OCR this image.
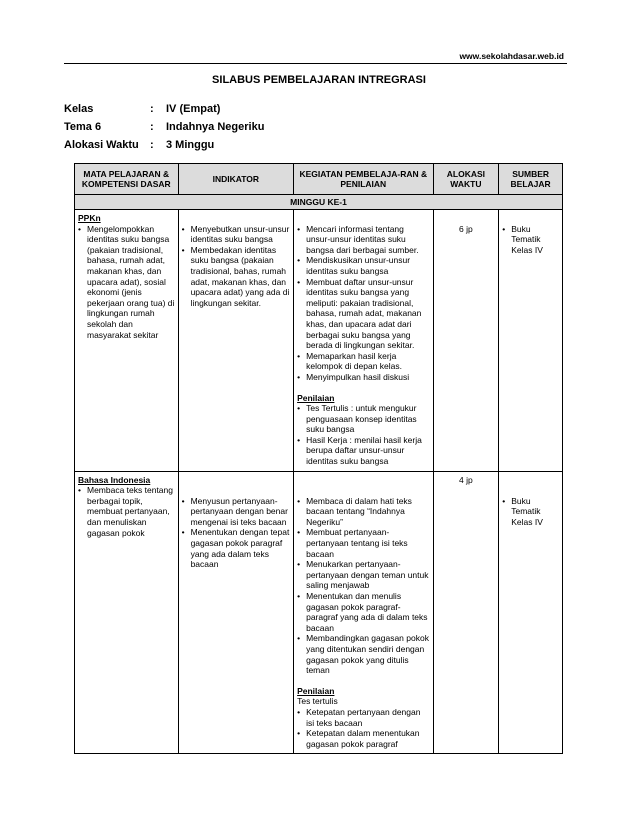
www.sekolahdasar.web.id
SILABUS PEMBELAJARAN INTREGRASI
Kelas	:	IV (Empat)
Tema 6	:	Indahnya Negeriku
Alokasi Waktu	:	3 Minggu
MATA PELAJARAN & KOMPETENSI DASAR	INDIKATOR	KEGIATAN PEMBELAJA-RAN & PENILAIAN
ALOKASI WAKTU
SUMBER BELAJAR
MINGGU KE-1
PPKn
• Mengelompokkan identitas suku bangsa (pakaian tradisional, bahasa, rumah adat, makanan khas, dan upacara adat), sosial ekonomi (jenis pekerjaan orang tua) di lingkungan rumah sekolah dan masyarakat sekitar
• Menyebutkan unsur-unsur identitas suku bangsa
• Membedakan identitas suku bangsa (pakaian tradisional, bahas, rumah adat, makanan khas, dan upacara adat) yang ada di lingkungan sekitar.
• Mencari informasi tentang unsur-unsur identitas suku bangsa dari berbagai sumber.
• Mendiskusikan unsur-unsur identitas suku bangsa
• Membuat daftar unsur-unsur identitas suku bangsa yang meliputi: pakaian tradisional, bahasa, rumah adat, makanan khas, dan upacara adat dari berbagai suku bangsa yang berada di lingkungan sekitar.
• Memaparkan hasil kerja kelompok di depan kelas.
• Menyimpulkan hasil diskusi
Penilaian
• Tes Tertulis : untuk mengukur penguasaan konsep identitas suku bangsa
• Hasil Kerja : menilai hasil kerja berupa daftar unsur-unsur identitas suku bangsa
6 jp
•	Buku Tematik Kelas IV
Bahasa Indonesia
• Membaca teks tentang berbagai topik, membuat pertanyaan, dan menuliskan gagasan pokok
• Menyusun pertanyaan-pertanyaan dengan benar mengenai isi teks bacaan
• Menentukan dengan tepat gagasan pokok paragraf yang ada dalam teks bacaan
• Membaca di dalam hati teks bacaan tentang “Indahnya Negeriku”
• Membuat pertanyaan-pertanyaan tentang isi teks bacaan
• Menukarkan pertanyaan-pertanyaan dengan teman untuk saling menjawab
• Menentukan dan menulis gagasan pokok paragraf-paragraf yang ada di dalam teks bacaan
• Membandingkan gagasan pokok yang ditentukan sendiri dengan gagasan pokok yang ditulis teman
Penilaian
Tes tertulis
• Ketepatan pertanyaan dengan isi teks bacaan
• Ketepatan dalam menentukan gagasan pokok paragraf
4 jp
• Buku Tematik Kelas IV
